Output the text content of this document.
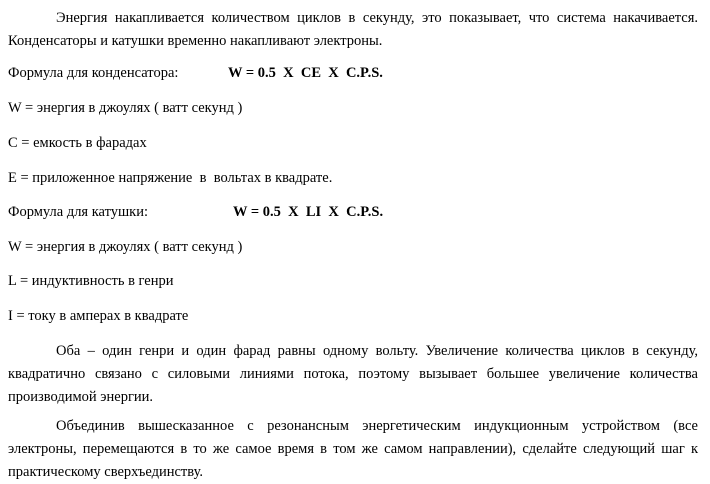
Энергия накапливается количеством циклов в секунду, это показывает, что система накачивается. Конденсаторы и катушки временно накапливают электроны.

Формула для конденсатора:	W = 0.5  X  CE  X  C.P.S.
W = энергия в джоулях ( ватт секунд )
C = емкость в фарадах
E = приложенное напряжение  в  вольтах в квадрате.
Формула для катушки:	W = 0.5  X  LI  X  C.P.S.
W = энергия в джоулях ( ватт секунд )
L = индуктивность в генри
I = току в амперах в квадрате

Оба – один генри и один фарад равны одному вольту. Увеличение количества циклов в секунду, квадратично связано с силовыми линиями потока, поэтому вызывает большее увеличение количества производимой энергии.

Объединив вышесказанное с резонансным энергетическим индукционным устройством (все электроны, перемещаются в то же самое время в том же самом направлении), сделайте следующий шаг к практическому сверхъединству.
